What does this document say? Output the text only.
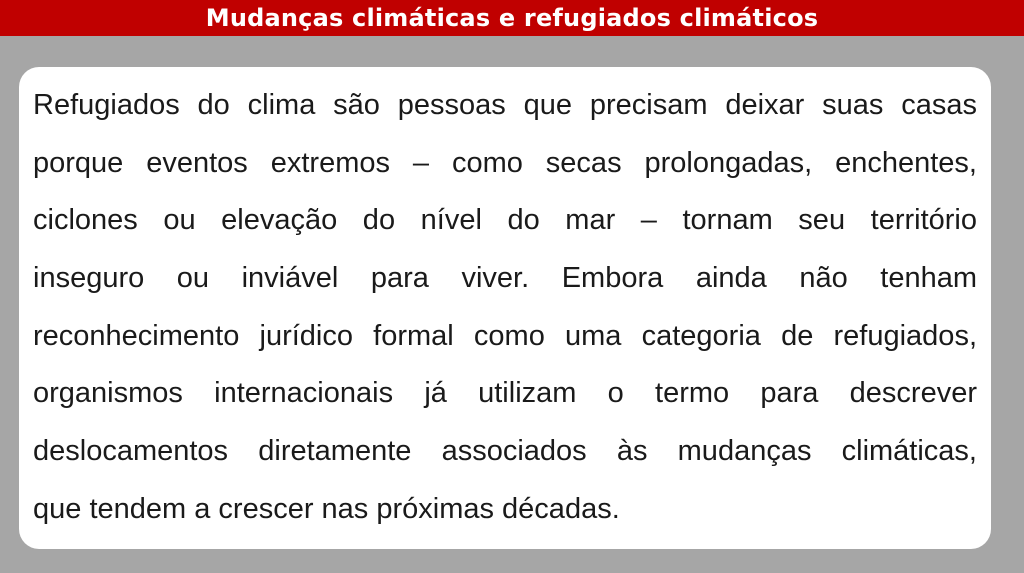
Mudanças climáticas e refugiados climáticos
Refugiados do clima são pessoas que precisam deixar suas casas
porque eventos extremos – como secas prolongadas, enchentes,
ciclones ou elevação do nível do mar – tornam seu território
inseguro ou inviável para viver. Embora ainda não tenham
reconhecimento jurídico formal como uma categoria de refugiados,
organismos internacionais já utilizam o termo para descrever
deslocamentos diretamente associados às mudanças climáticas,
que tendem a crescer nas próximas décadas.
